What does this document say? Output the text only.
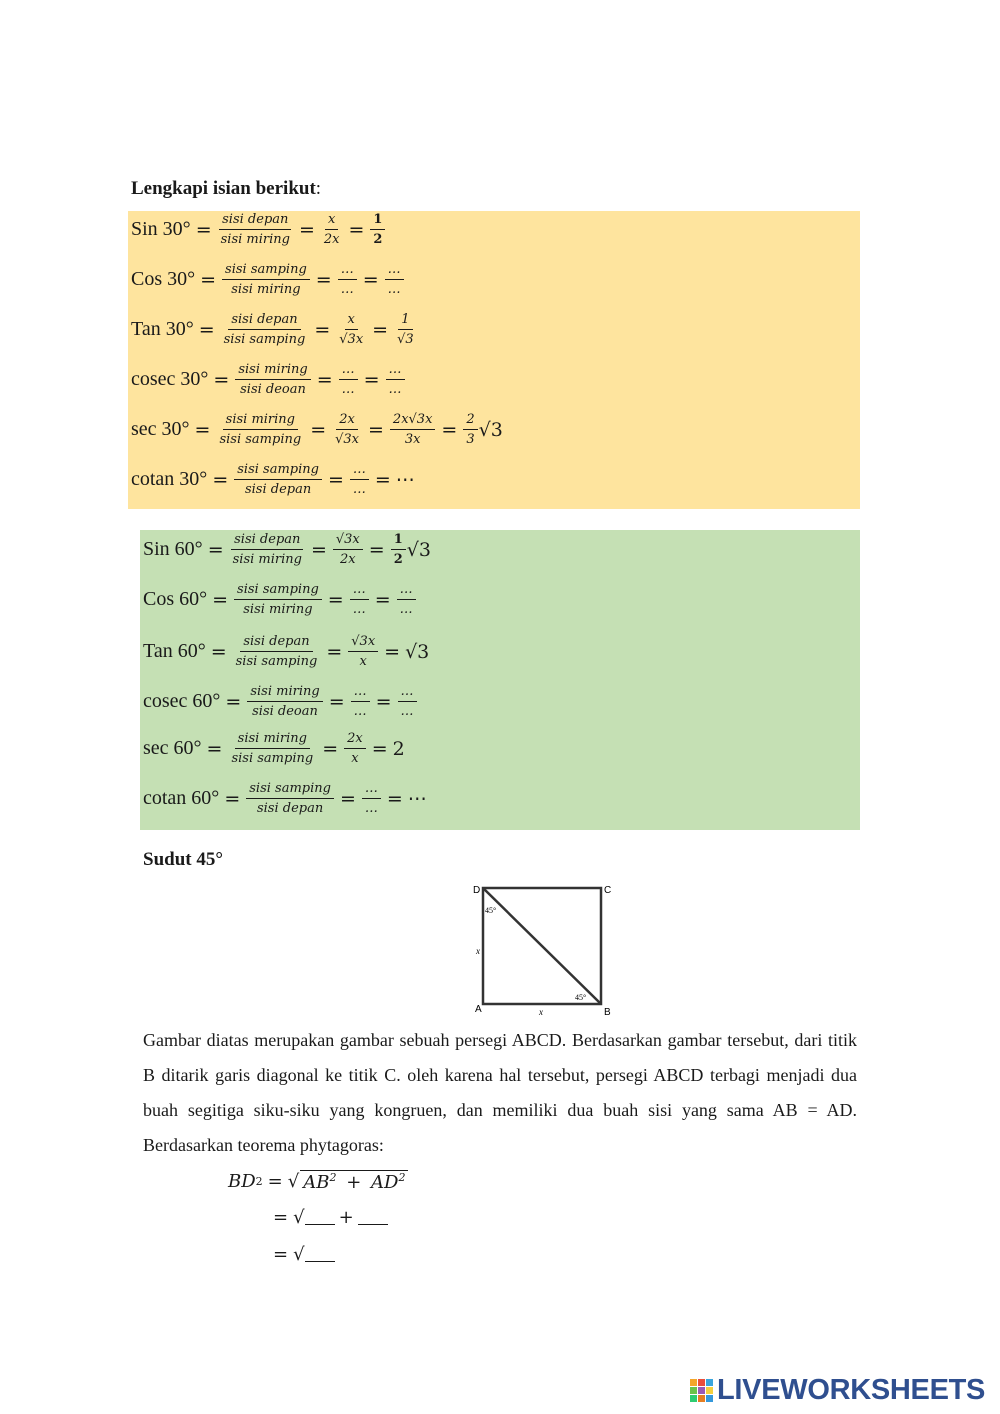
Lengkapi isian berikut:
Sin $30^\circ = \frac{\text{sisi depan}}{\text{sisi miring}} = \frac{x}{2x} = \frac{1}{2}$
Cos $30^\circ = \frac{\text{sisi samping}}{\text{sisi miring}} = \frac{\dots}{\dots} = \frac{\dots}{\dots}$
Tan $30^\circ = \frac{\text{sisi depan}}{\text{sisi samping}} = \frac{x}{√3x} = \frac{1}{√3}$
cosec $30^\circ = \frac{\text{sisi miring}}{\text{sisi deoan}} = \frac{\dots}{\dots} = \frac{\dots}{\dots}$
$\sec 30^\circ = \frac{\text{sisi miring}}{\text{sisi samping}} = \frac{2x}{√3x} = \frac{2x√3x}{3x} = \frac{2}{3} √3$
cotan $30^\circ = \frac{\text{sisi samping}}{\text{sisi depan}} = \frac{\dots}{\dots}$ = ⋯
Sin $60^\circ = \frac{\text{sisi depan}}{\text{sisi miring}} = \frac{√3x}{2x} = \frac{1}{2} √3$
Cos $60^\circ = \frac{\text{sisi samping}}{\text{sisi miring}} = \frac{\dots}{\dots} = \frac{\dots}{\dots}$
Tan $60^\circ = \frac{\text{sisi depan}}{\text{sisi samping}} = \frac{√3x}{x} = √3$
cosec $60^\circ = \frac{\text{sisi miring}}{\text{sisi deoan}} = \frac{\dots}{\dots} = \frac{\dots}{\dots}$
$\sec 60^\circ = \frac{\text{sisi miring}}{\text{sisi samping}} = \frac{2x}{x} = 2$
cotan $60^\circ = \frac{\text{sisi samping}}{\text{sisi depan}} = \frac{\dots}{\dots}$ = ⋯
Sudut 45°
D	C
A	B
45°
45°
x
x
Gambar diatas merupakan gambar sebuah persegi ABCD. Berdasarkan gambar tersebut, dari titik B ditarik garis diagonal ke titik C. oleh karena hal tersebut, persegi ABCD terbagi menjadi dua buah segitiga siku-siku yang kongruen, dan memiliki dua buah sisi yang sama AB = AD. Berdasarkan teorema phytagoras:
BD 2 = √ $AB^2 + AD^2$
= √ +
= √
LIVEWORKSHEETS
